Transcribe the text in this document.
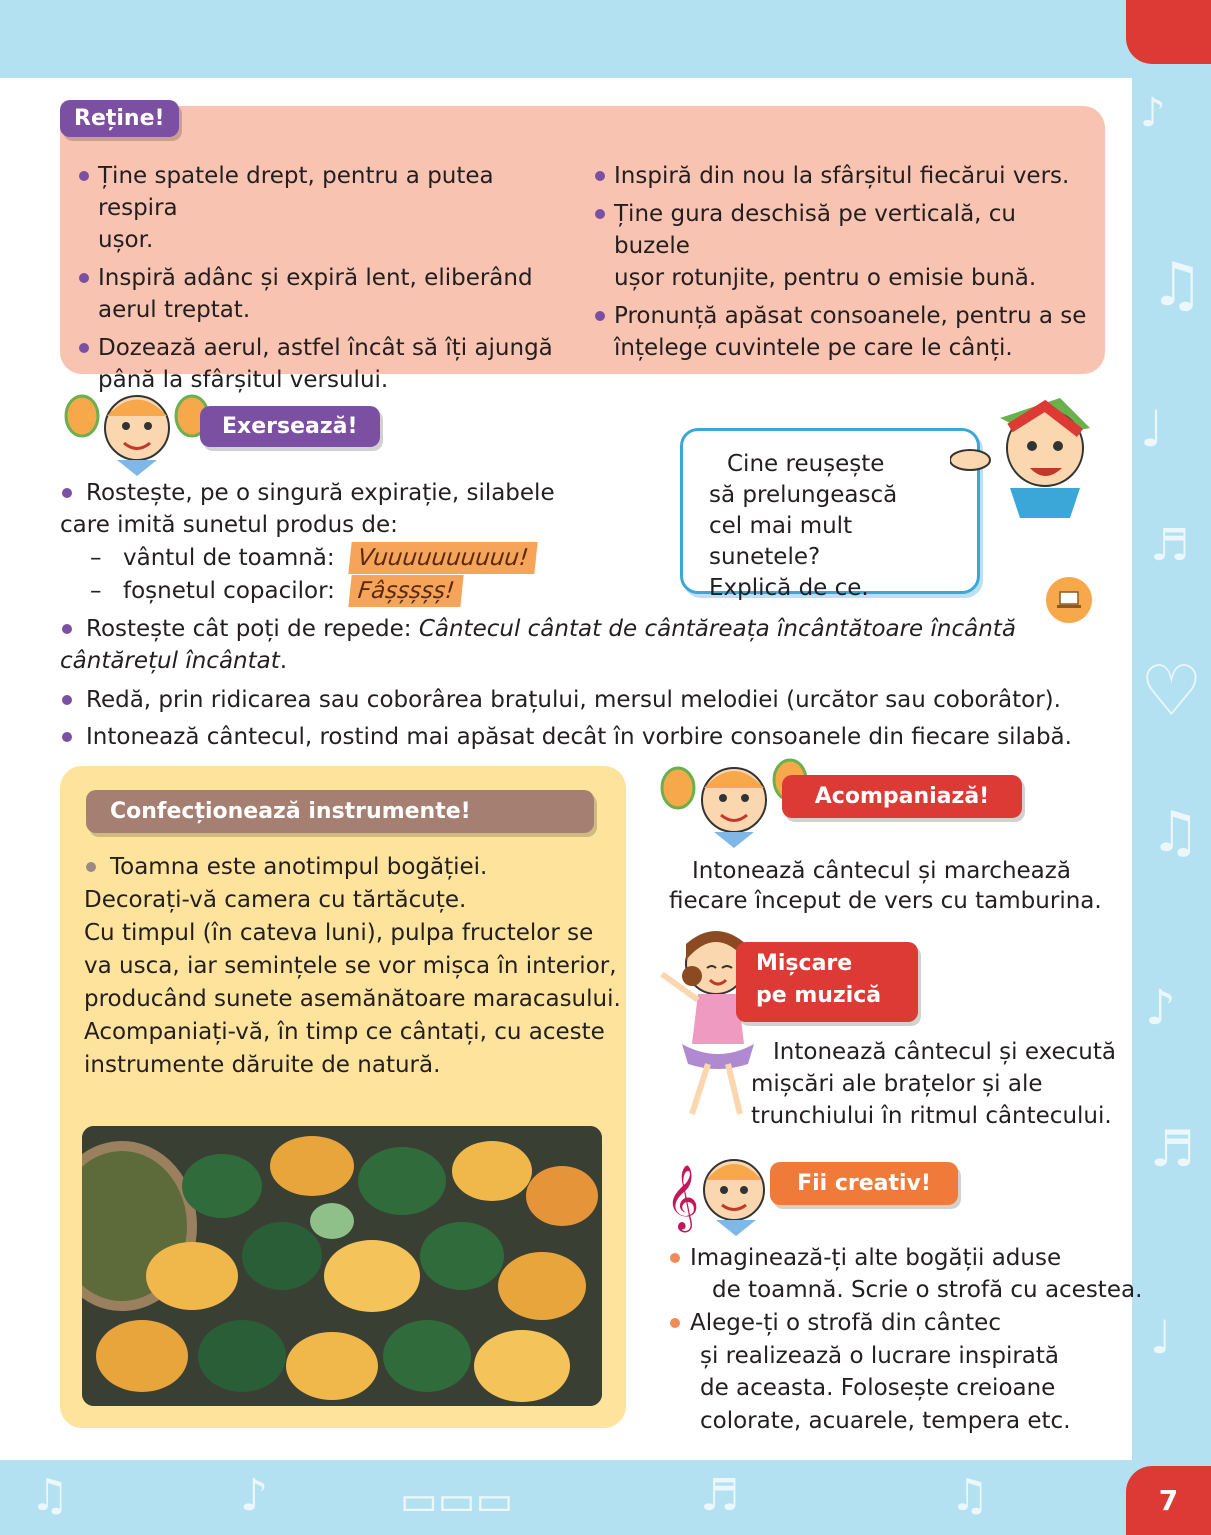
7
♪
♫
♩
♬
♡
♫
♪
♬
♩
♫	♪	▭▭▭	♬	♫
Reține!
Ține spatele drept, pentru a putea respira
ușor.
Inspiră adânc și expiră lent, eliberând
aerul treptat.
Dozează aerul, astfel încât să îți ajungă
până la sfârșitul versului.
Inspiră din nou la sfârșitul fiecărui vers.
Ține gura deschisă pe verticală, cu buzele
ușor rotunjite, pentru o emisie bună.
Pronunță apăsat consoanele, pentru a se
înțelege cuvintele pe care le cânți.
Exersează!
Rostește, pe o singură expirație, silabele
care imită sunetul produs de:
– vântul de toamnă: Vuuuuuuuuuu!
– foșnetul copacilor: Fâșșșșș!
Rostește cât poți de repede: Cântecul cântat de cântăreața încântătoare încântă
cântărețul încântat.
Redă, prin ridicarea sau coborârea brațului, mersul melodiei (urcător sau coborâtor).
Intonează cântecul, rostind mai apăsat decât în vorbire consoanele din fiecare silabă.
Cine reușește
să prelungească
cel mai mult sunetele?
Explică de ce.
Confecționează instrumente!
Toamna este anotimpul bogăției.
Decorați-vă camera cu tărtăcuțe.
Cu timpul (în cateva luni), pulpa fructelor se
va usca, iar semințele se vor mișca în interior,
producând sunete asemănătoare maracasului.
Acompaniați-vă, în timp ce cântați, cu aceste
instrumente dăruite de natură.
Acompaniază!
Intonează cântecul și marchează
fiecare început de vers cu tamburina.
Mișcare
pe muzică
Intonează cântecul și execută
mișcări ale brațelor și ale
trunchiului în ritmul cântecului.
𝄞	Fii creativ!
Imaginează-ți alte bogății aduse
de toamnă. Scrie o strofă cu acestea.
Alege-ți o strofă din cântec
și realizează o lucrare inspirată
de aceasta. Folosește creioane
colorate, acuarele, tempera etc.
